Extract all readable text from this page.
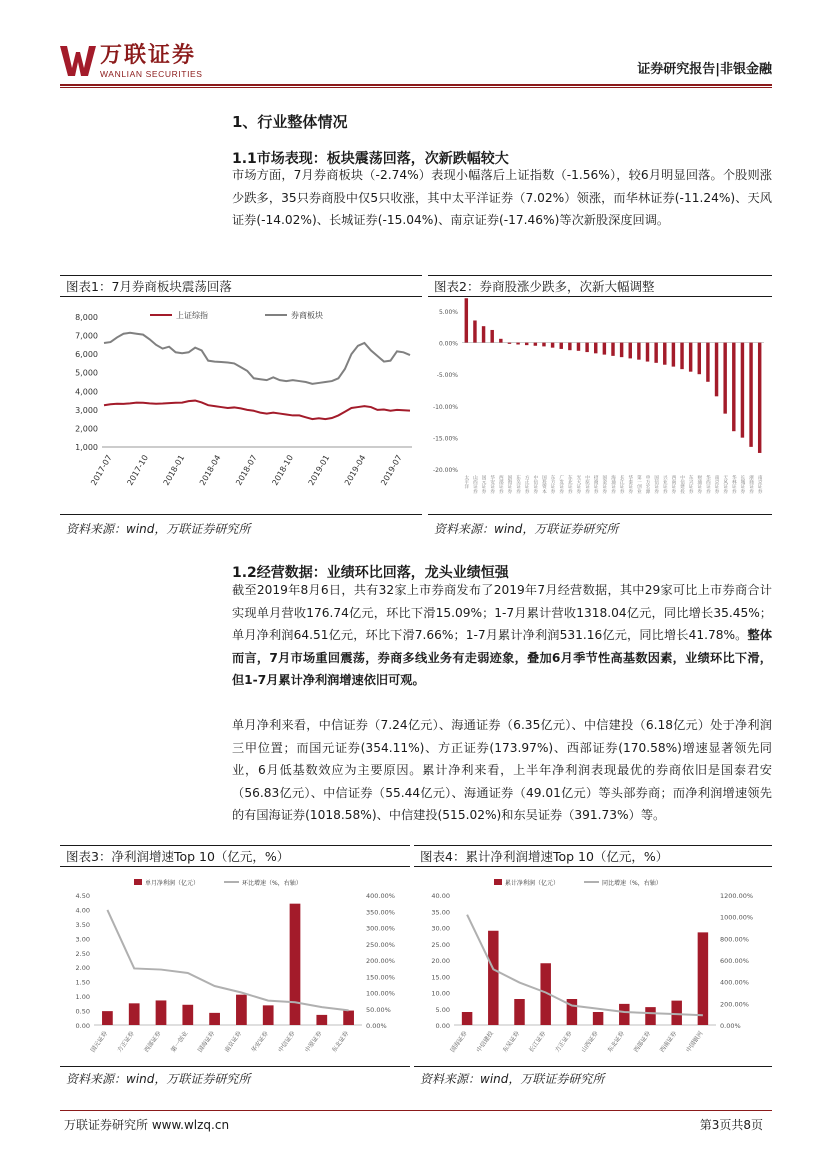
万联证券
WANLIAN SECURITIES	证券研究报告|非银金融
1、行业整体情况
1.1市场表现：板块震荡回落，次新跌幅较大
市场方面，7月券商板块（-2.74%）表现小幅落后上证指数（-1.56%），较6月明显回落。个股则涨少跌多，35只券商股中仅5只收涨，其中太平洋证券（7.02%）领涨，而华林证券(-11.24%)、天风证券(-14.02%)、长城证券(-15.04%)、南京证券(-17.46%)等次新股深度回调。
图表1：7月券商板块震荡回落
1,000
2,000
3,000
4,000
5,000
6,000
7,000
8,000
2017-07 2017-10 2018-01 2018-04 2018-07 2018-10 2019-01 2019-04 2019-07
上证综指	券商板块
资料来源：wind，万联证券研究所
图表2：券商股涨少跌多，次新大幅调整
5.00%
0.00%
-5.00%
-10.00%
-15.00%
-20.00%
太平洋 山西证券 国元证券 华安证券 西部证券 国海证券 东吴证券 方正证券 中信证券 国投资本 东方证券 广发证券 东北证券 光大证券 中原证券 招商证券 国金证券 海通证券 长江证券 华泰证券 第一创业 申万宏源 国信证券 兴业证券 西南证券 中信建投 东兴证券 财通证券 华西证券 南京证券 天风证券 华林证券 长城证券 浙商证券 南京证券
资料来源：wind，万联证券研究所
1.2经营数据：业绩环比回落，龙头业绩恒强
截至2019年8月6日，共有32家上市券商发布了2019年7月经营数据，其中29家可比上市券商合计实现单月营收176.74亿元，环比下滑15.09%；1-7月累计营收1318.04亿元，同比增长35.45%；单月净利润64.51亿元，环比下滑7.66%；1-7月累计净利润531.16亿元，同比增长41.78%。整体而言，7月市场重回震荡，券商多线业务有走弱迹象，叠加6月季节性高基数因素，业绩环比下滑，但1-7月累计净利润增速依旧可观。
单月净利来看，中信证券（7.24亿元）、海通证券（6.35亿元）、中信建投（6.18亿元）处于净利润三甲位置；而国元证券(354.11%)、方正证券(173.97%)、西部证券(170.58%)增速显著领先同业，6月低基数效应为主要原因。累计净利来看，上半年净利润表现最优的券商依旧是国泰君安（56.83亿元）、中信证券（55.44亿元）、海通证券（49.01亿元）等头部券商；而净利润增速领先的有国海证券(1018.58%)、中信建投(515.02%)和东吴证券（391.73%）等。
图表3：净利润增速Top 10（亿元，%）
0.00
0.50
1.00
1.50
2.00
2.50
3.00
3.50
4.00
4.50
0.00%
50.00%
100.00%
150.00%
200.00%
250.00%
300.00%
350.00%
400.00%
国元证券 方正证券 西部证券 第一创业 国海证券 南京证券 华安证券 中信证券 中原证券 东北证券
单月净利润（亿元）	环比增速（%，右轴）
资料来源：wind，万联证券研究所
图表4：累计净利润增速Top 10（亿元，%）
0.00
5.00
10.00
15.00
20.00
25.00
30.00
35.00
40.00
0.00%
200.00%
400.00%
600.00%
800.00%
1000.00%
1200.00%
国海证券 中信建投 东吴证券 长江证券 方正证券 山西证券 东北证券 西部证券 西南证券 中国银河
累计净利润（亿元）	同比增速（%，右轴）
资料来源：wind，万联证券研究所
万联证券研究所 www.wlzq.cn	第3页共8页
